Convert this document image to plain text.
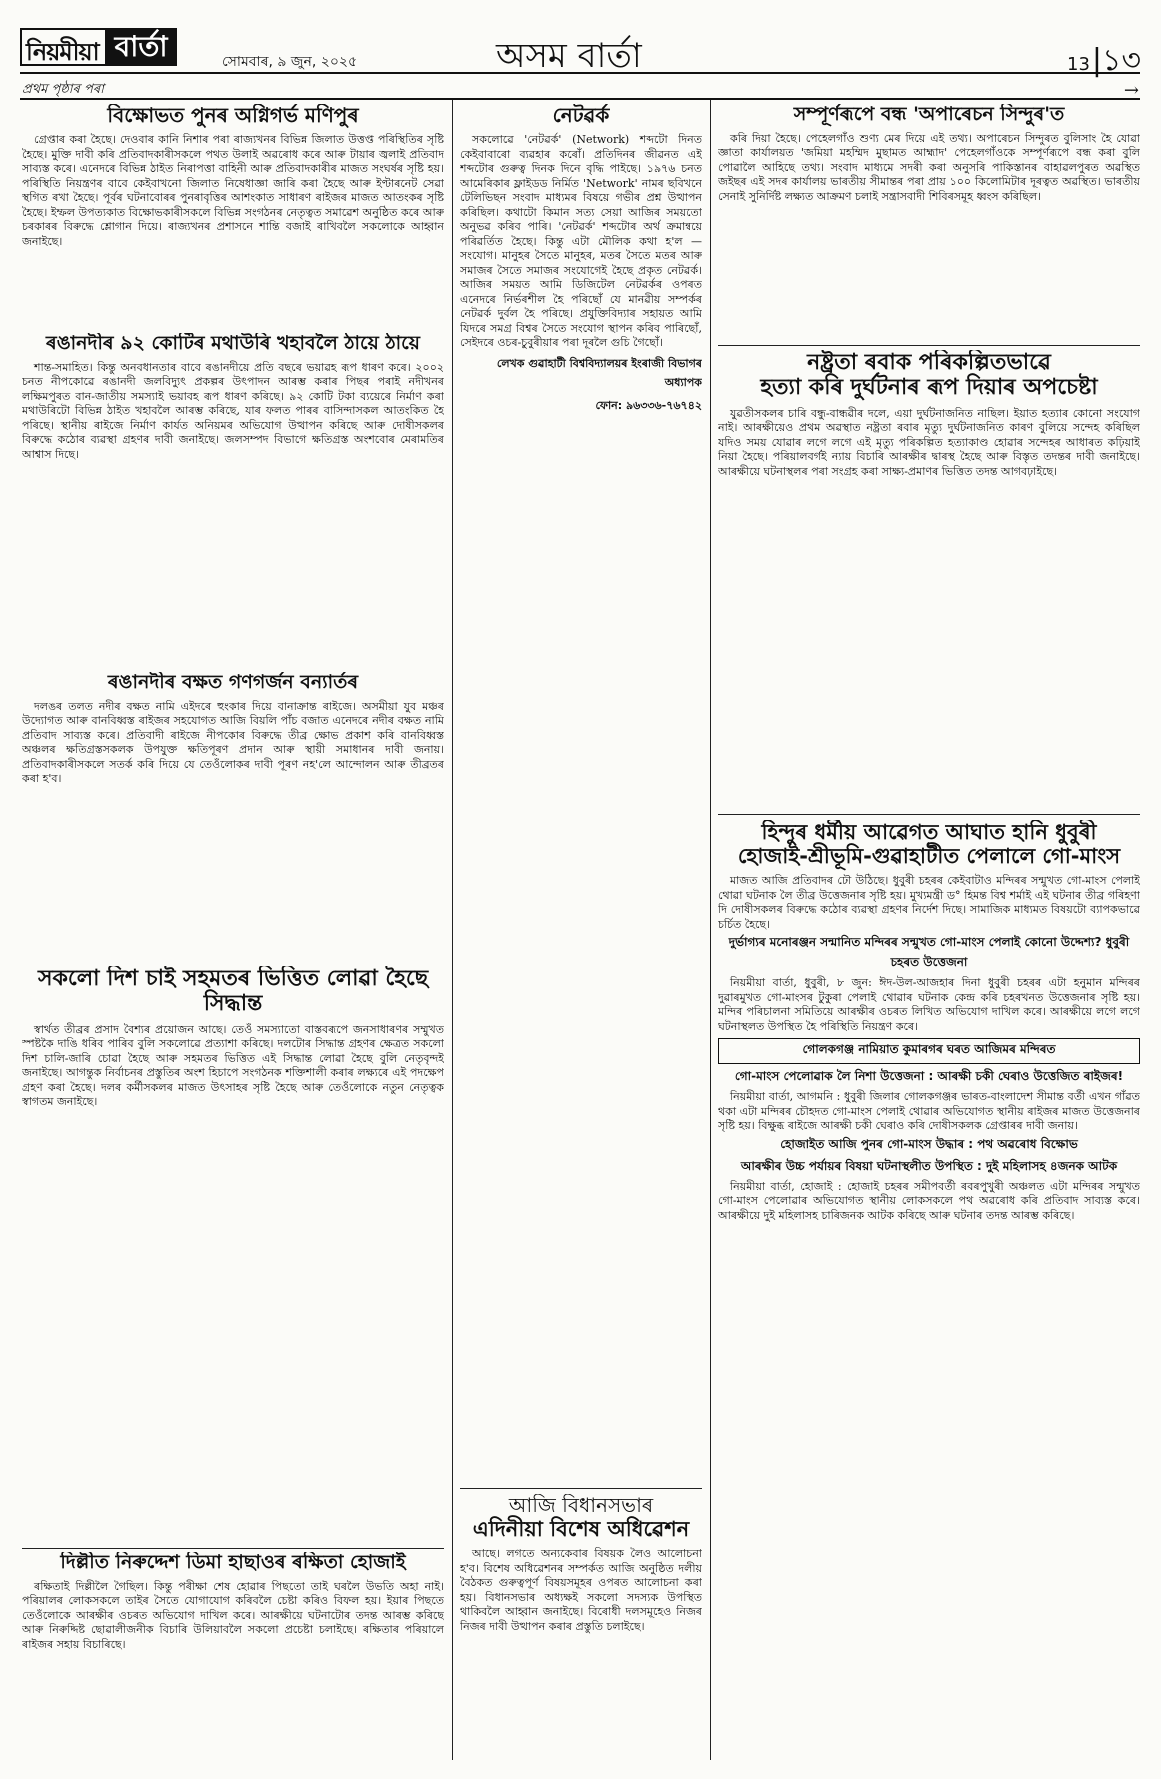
নিয়মীয়া বাৰ্তা	সোমবাৰ, ৯ জুন, ২০২৫	অসম বাৰ্তা	13|১৩
প্ৰথম পৃষ্ঠাৰ পৰা	→
বিক্ষোভত পুনৰ অগ্নিগৰ্ভ মণিপুৰ
গ্ৰেপ্তাৰ কৰা হৈছে। দেওবাৰ কানি নিশাৰ পৰা ৰাজ্যখনৰ বিভিন্ন জিলাত উত্তপ্ত পৰিস্থিতিৰ সৃষ্টি হৈছে। মুক্তি দাবী কৰি প্ৰতিবাদকাৰীসকলে পথত উলাই অৱৰোধ কৰে আৰু টায়াৰ জ্বলাই প্ৰতিবাদ সাব্যস্ত কৰে। এনেদৰে বিভিন্ন ঠাইত নিৰাপত্তা বাহিনী আৰু প্ৰতিবাদকাৰীৰ মাজত সংঘৰ্ষৰ সৃষ্টি হয়। পৰিস্থিতি নিয়ন্ত্ৰণৰ বাবে কেইবাখনো জিলাত নিষেধাজ্ঞা জাৰি কৰা হৈছে আৰু ইণ্টাৰনেট সেৱা স্থগিত ৰখা হৈছে। পূৰ্বৰ ঘটনাবোৰৰ পুনৰাবৃত্তিৰ আশংকাত সাধাৰণ ৰাইজৰ মাজত আতংকৰ সৃষ্টি হৈছে। ইম্ফল উপত্যকাত বিক্ষোভকাৰীসকলে বিভিন্ন সংগঠনৰ নেতৃত্বত সমাৱেশ অনুষ্ঠিত কৰে আৰু চৰকাৰৰ বিৰুদ্ধে শ্লোগান দিয়ে। ৰাজ্যখনৰ প্ৰশাসনে শান্তি বজাই ৰাখিবলৈ সকলোকে আহ্বান জনাইছে।
ৰঙানদীৰ ৯২ কোটিৰ মথাউৰি খহাবলৈ ঠায়ে ঠায়ে
শান্ত-সমাহিত। কিন্তু অনবধানতাৰ বাবে ৰঙানদীয়ে প্ৰতি বছৰে ভয়াৱহ ৰূপ ধাৰণ কৰে। ২০০২ চনত নীপকোৱে ৰঙানদী জলবিদ্যুৎ প্ৰকল্পৰ উৎপাদন আৰম্ভ কৰাৰ পিছৰ পৰাই নদীখনৰ লক্ষিমপুৰত বান-জাতীয় সমস্যাই ভয়াবহ ৰূপ ধাৰণ কৰিছে। ৯২ কোটি টকা ব্যয়েৰে নিৰ্মাণ কৰা মথাউৰিটো বিভিন্ন ঠাইত খহাবলৈ আৰম্ভ কৰিছে, যাৰ ফলত পাৰৰ বাসিন্দাসকল আতংকিত হৈ পৰিছে। স্থানীয় ৰাইজে নিৰ্মাণ কাৰ্যত অনিয়মৰ অভিযোগ উত্থাপন কৰিছে আৰু দোষীসকলৰ বিৰুদ্ধে কঠোৰ ব্যৱস্থা গ্ৰহণৰ দাবী জনাইছে। জলসম্পদ বিভাগে ক্ষতিগ্ৰস্ত অংশবোৰ মেৰামতিৰ আশ্বাস দিছে।
ৰঙানদীৰ বক্ষত গণগৰ্জন বন্যাৰ্তৰ
দলঙৰ তলত নদীৰ বক্ষত নামি এইদৰে হুংকাৰ দিয়ে বানাক্ৰান্ত ৰাইজে। অসমীয়া যুব মঞ্চৰ উদ্যোগত আৰু বানবিধ্বস্ত ৰাইজৰ সহযোগত আজি বিয়লি পাঁচ বজাত এনেদৰে নদীৰ বক্ষত নামি প্ৰতিবাদ সাব্যস্ত কৰে। প্ৰতিবাদী ৰাইজে নীপকোৰ বিৰুদ্ধে তীব্ৰ ক্ষোভ প্ৰকাশ কৰি বানবিধ্বস্ত অঞ্চলৰ ক্ষতিগ্ৰস্তসকলক উপযুক্ত ক্ষতিপূৰণ প্ৰদান আৰু স্থায়ী সমাধানৰ দাবী জনায়। প্ৰতিবাদকাৰীসকলে সতৰ্ক কৰি দিয়ে যে তেওঁলোকৰ দাবী পূৰণ নহ'লে আন্দোলন আৰু তীব্ৰতৰ কৰা হ'ব।
সকলো দিশ চাই সহমতৰ ভিত্তিত লোৱা হৈছে সিদ্ধান্ত
স্বাৰ্থত তীব্ৰৰ প্ৰসাদ বৈশ্যৰ প্ৰয়োজন আছে। তেওঁ সমস্যাতো বাস্তবৰূপে জনসাধাৰণৰ সম্মুখত স্পষ্টকৈ দাঙি ধৰিব পাৰিব বুলি সকলোৱে প্ৰত্যাশা কৰিছে। দলটোৰ সিদ্ধান্ত গ্ৰহণৰ ক্ষেত্ৰত সকলো দিশ চালি-জাৰি চোৱা হৈছে আৰু সহমতৰ ভিত্তিত এই সিদ্ধান্ত লোৱা হৈছে বুলি নেতৃবৃন্দই জনাইছে। আগন্তুক নিৰ্বাচনৰ প্ৰস্তুতিৰ অংশ হিচাপে সংগঠনক শক্তিশালী কৰাৰ লক্ষ্যৰে এই পদক্ষেপ গ্ৰহণ কৰা হৈছে। দলৰ কৰ্মীসকলৰ মাজত উৎসাহৰ সৃষ্টি হৈছে আৰু তেওঁলোকে নতুন নেতৃত্বক স্বাগতম জনাইছে।
দিল্লীত নিৰুদ্দেশ ডিমা হাছাওৰ ৰক্ষিতা হোজাই
ৰক্ষিতাই দিল্লীলৈ গৈছিল। কিন্তু পৰীক্ষা শেষ হোৱাৰ পিছতো তাই ঘৰলৈ উভতি অহা নাই। পৰিয়ালৰ লোকসকলে তাইৰ সৈতে যোগাযোগ কৰিবলৈ চেষ্টা কৰিও বিফল হয়। ইয়াৰ পিছতে তেওঁলোকে আৰক্ষীৰ ওচৰত অভিযোগ দাখিল কৰে। আৰক্ষীয়ে ঘটনাটোৰ তদন্ত আৰম্ভ কৰিছে আৰু নিৰুদ্দিষ্ট ছোৱালীজনীক বিচাৰি উলিয়াবলৈ সকলো প্ৰচেষ্টা চলাইছে। ৰক্ষিতাৰ পৰিয়ালে ৰাইজৰ সহায় বিচাৰিছে।
নেটৱৰ্ক
সকলোৱে 'নেটৱৰ্ক' (Network) শব্দটো দিনত কেইবাবাৰো ব্যৱহাৰ কৰোঁ। প্ৰতিদিনৰ জীৱনত এই শব্দটোৰ গুৰুত্ব দিনক দিনে বৃদ্ধি পাইছে। ১৯৭৬ চনত আমেৰিকাৰ ফ্লাইডড নিৰ্মিত 'Network' নামৰ ছবিখনে টেলিভিছন সংবাদ মাধ্যমৰ বিষয়ে গভীৰ প্ৰশ্ন উত্থাপন কৰিছিল। কথাটো কিমান সত্য সেয়া আজিৰ সময়তো অনুভৱ কৰিব পাৰি। 'নেটৱৰ্ক' শব্দটোৰ অৰ্থ ক্ৰমান্বয়ে পৰিৱৰ্তিত হৈছে। কিন্তু এটা মৌলিক কথা হ'ল — সংযোগ। মানুহৰ সৈতে মানুহৰ, মতৰ সৈতে মতৰ আৰু সমাজৰ সৈতে সমাজৰ সংযোগেই হৈছে প্ৰকৃত নেটৱৰ্ক। আজিৰ সময়ত আমি ডিজিটেল নেটৱৰ্কৰ ওপৰত এনেদৰে নিৰ্ভৰশীল হৈ পৰিছোঁ যে মানৱীয় সম্পৰ্কৰ নেটৱৰ্ক দুৰ্বল হৈ পৰিছে। প্ৰযুক্তিবিদ্যাৰ সহায়ত আমি যিদৰে সমগ্ৰ বিশ্বৰ সৈতে সংযোগ স্থাপন কৰিব পাৰিছোঁ, সেইদৰে ওচৰ-চুবুৰীয়াৰ পৰা দূৰলৈ গুচি গৈছোঁ।
লেখক গুৱাহাটী বিশ্ববিদ্যালয়ৰ ইংৰাজী বিভাগৰ অধ্যাপক
ফোন: ৯৬৩৩৬-৭৬৭৪২
আজি বিধানসভাৰ
এদিনীয়া বিশেষ অধিৱেশন
আছে। লগতে অন্যকেবাৰ বিষয়ক লৈও আলোচনা হ'ব। বিশেষ অধিৱেশনৰ সম্পৰ্কত আজি অনুষ্ঠিত দলীয় বৈঠকত গুৰুত্বপূৰ্ণ বিষয়সমূহৰ ওপৰত আলোচনা কৰা হয়। বিধানসভাৰ অধ্যক্ষই সকলো সদস্যক উপস্থিত থাকিবলৈ আহ্বান জনাইছে। বিৰোধী দলসমূহেও নিজৰ নিজৰ দাবী উত্থাপন কৰাৰ প্ৰস্তুতি চলাইছে।
সম্পূৰ্ণৰূপে বন্ধ 'অপাৰেচন সিন্দুৰ'ত
কৰি দিয়া হৈছে। পেহেলগাঁও শুণ্য মেৰ দিয়ে এই তথ্য। অপাৰেচন সিন্দুৰত বুলিসাং হৈ যোৱা জ্ঞাতা কাৰ্যালয়ত 'জমিয়া মহম্মিদ মুছামত আহ্মাদ' পেহেলগাঁওকে সম্পূৰ্ণৰূপে বন্ধ কৰা বুলি পোৱালৈ আহিছে তথ্য। সংবাদ মাধ্যমে সদৰী কৰা অনুসৰি পাকিস্তানৰ বাহাৱলপুৰত অৱস্থিত জইছৰ এই সদৰ কাৰ্যালয় ভাৰতীয় সীমান্তৰ পৰা প্ৰায় ১০০ কিলোমিটাৰ দূৰত্বত অৱস্থিত। ভাৰতীয় সেনাই সুনিৰ্দিষ্ট লক্ষ্যত আক্ৰমণ চলাই সন্ত্ৰাসবাদী শিবিৰসমূহ ধ্বংস কৰিছিল।
নষ্ট্ৰতা ৰবাক পৰিকল্পিতভাৱে
হত্যা কৰি দুৰ্ঘটনাৰ ৰূপ দিয়াৰ অপচেষ্টা
যুৱতীসকলৰ চাৰি বন্ধু-বান্ধৱীৰ দলে, এয়া দুৰ্ঘটনাজনিত নাছিল। ইয়াত হত্যাৰ কোনো সংযোগ নাই। আৰক্ষীয়েও প্ৰথম অৱস্থাত নষ্ট্ৰতা ৰবাৰ মৃত্যু দুৰ্ঘটনাজনিত কাৰণ বুলিয়ে সন্দেহ কৰিছিল যদিও সময় যোৱাৰ লগে লগে এই মৃত্যু পৰিকল্পিত হত্যাকাণ্ড হোৱাৰ সন্দেহৰ আধাৰত কঢ়িয়াই নিয়া হৈছে। পৰিয়ালবৰ্গই ন্যায় বিচাৰি আৰক্ষীৰ দ্বাৰস্থ হৈছে আৰু বিস্তৃত তদন্তৰ দাবী জনাইছে। আৰক্ষীয়ে ঘটনাস্থলৰ পৰা সংগ্ৰহ কৰা সাক্ষ্য-প্ৰমাণৰ ভিত্তিত তদন্ত আগবঢ়াইছে।
হিন্দুৰ ধৰ্মীয় আৱেগত আঘাত হানি ধুবুৰী
হোজাই-শ্ৰীভূমি-গুৱাহাটীত পেলালে গো-মাংস
মাজত আজি প্ৰতিবাদৰ ঢৌ উঠিছে। ধুবুৰী চহৰৰ কেইবাটাও মন্দিৰৰ সন্মুখত গো-মাংস পেলাই থোৱা ঘটনাক লৈ তীব্ৰ উত্তেজনাৰ সৃষ্টি হয়। মুখ্যমন্ত্ৰী ড° হিমন্ত বিশ্ব শৰ্মাই এই ঘটনাৰ তীব্ৰ গৰিহণা দি দোষীসকলৰ বিৰুদ্ধে কঠোৰ ব্যৱস্থা গ্ৰহণৰ নিৰ্দেশ দিছে। সামাজিক মাধ্যমত বিষয়টো ব্যাপকভাৱে চৰ্চিত হৈছে।
দুৰ্ভাগ্যৰ মনোৰঞ্জন সন্মানিত মন্দিৰৰ সন্মুখত গো-মাংস পেলাই কোনো উদ্দেশ্য? ধুবুৰী চহৰত উত্তেজনা
নিয়মীয়া বাৰ্তা, ধুবুৰী, ৮ জুন: ঈদ-উল-আজহাৰ দিনা ধুবুৰী চহৰৰ এটা হনুমান মন্দিৰৰ দুৱাৰমুখত গো-মাংসৰ টুকুৰা পেলাই থোৱাৰ ঘটনাক কেন্দ্ৰ কৰি চহৰখনত উত্তেজনাৰ সৃষ্টি হয়। মন্দিৰ পৰিচালনা সমিতিয়ে আৰক্ষীৰ ওচৰত লিখিত অভিযোগ দাখিল কৰে। আৰক্ষীয়ে লগে লগে ঘটনাস্থলত উপস্থিত হৈ পৰিস্থিতি নিয়ন্ত্ৰণ কৰে।
গোলকগঞ্জ নামিয়াত কুমাৰগৰ ঘৰত আজিমৰ মন্দিৰত
গো-মাংস পেলোৱাক লৈ নিশা উত্তেজনা : আৰক্ষী চকী ঘেৰাও উত্তেজিত ৰাইজৰ!
নিয়মীয়া বাৰ্তা, আগমনি : ধুবুৰী জিলাৰ গোলকগঞ্জৰ ভাৰত-বাংলাদেশ সীমান্ত বৰ্তী এখন গাঁৱত থকা এটা মন্দিৰৰ চৌহদত গো-মাংস পেলাই থোৱাৰ অভিযোগত স্থানীয় ৰাইজৰ মাজত উত্তেজনাৰ সৃষ্টি হয়। বিক্ষুব্ধ ৰাইজে আৰক্ষী চকী ঘেৰাও কৰি দোষীসকলক গ্ৰেপ্তাৰৰ দাবী জনায়।
হোজাইত আজি পুনৰ গো-মাংস উদ্ধাৰ : পথ অৱৰোধ বিক্ষোভ
আৰক্ষীৰ উচ্চ পৰ্যায়ৰ বিষয়া ঘটনাস্থলীত উপস্থিত : দুই মহিলাসহ ৪জনক আটক
নিয়মীয়া বাৰ্তা, হোজাই : হোজাই চহৰৰ সমীপবৰ্তী ৰবৰপুখুৰী অঞ্চলত এটা মন্দিৰৰ সন্মুখত গো-মাংস পেলোৱাৰ অভিযোগত স্থানীয় লোকসকলে পথ অৱৰোধ কৰি প্ৰতিবাদ সাব্যস্ত কৰে। আৰক্ষীয়ে দুই মহিলাসহ চাৰিজনক আটক কৰিছে আৰু ঘটনাৰ তদন্ত আৰম্ভ কৰিছে।
